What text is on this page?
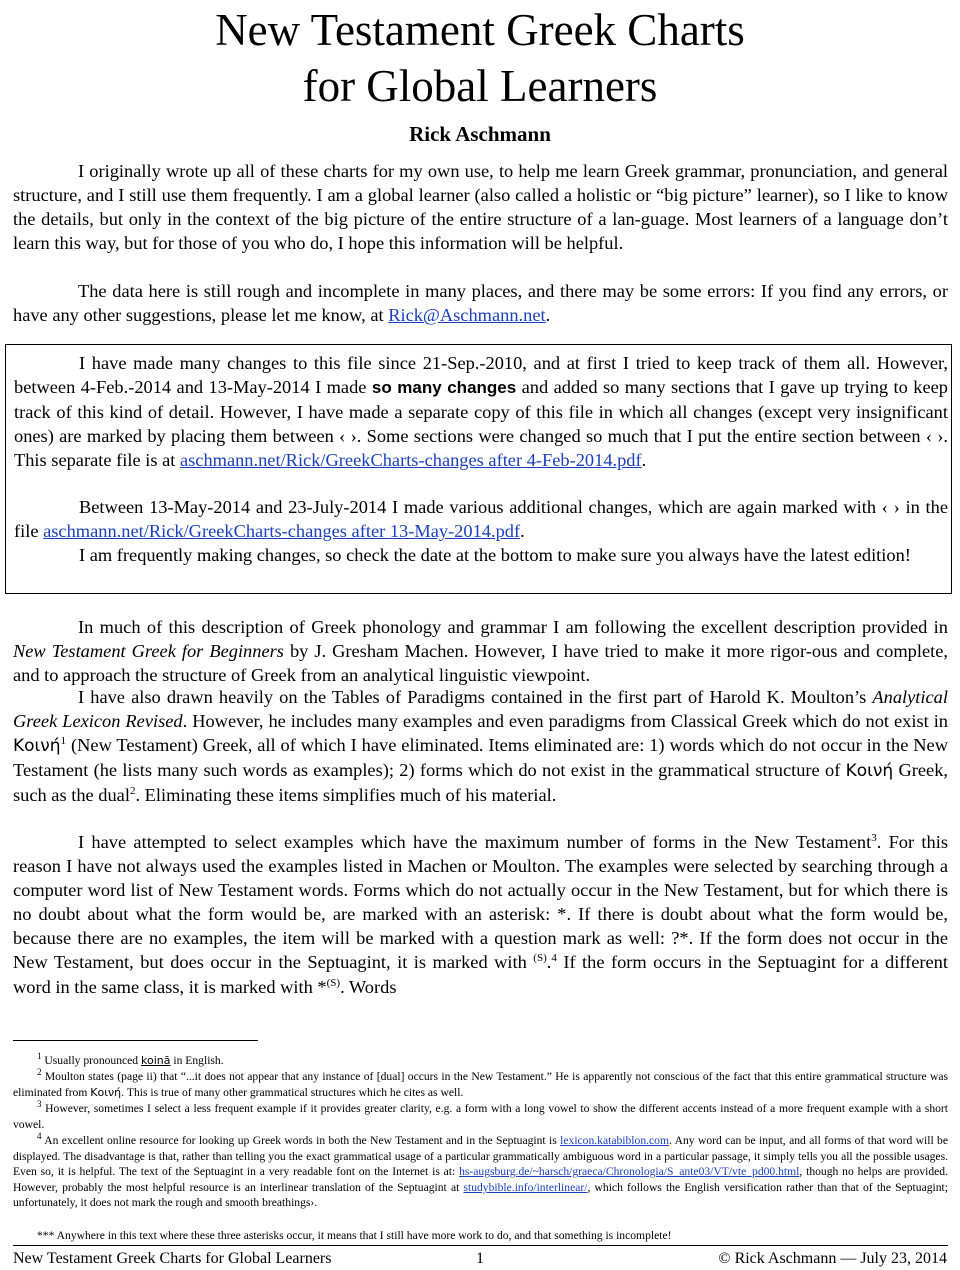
New Testament Greek Charts
for Global Learners
Rick Aschmann

I originally wrote up all of these charts for my own use, to help me learn Greek grammar, pronunciation, and general structure, and I still use them frequently. I am a global learner (also called a holistic or “big picture” learner), so I like to know the details, but only in the context of the big picture of the entire structure of a lan-guage. Most learners of a language don’t learn this way, but for those of you who do, I hope this information will be helpful.

The data here is still rough and incomplete in many places, and there may be some errors: If you find any errors, or have any other suggestions, please let me know, at Rick@Aschmann.net.

I have made many changes to this file since 21-Sep.-2010, and at first I tried to keep track of them all. However, between 4-Feb.-2014 and 13-May-2014 I made so many changes and added so many sections that I gave up trying to keep track of this kind of detail. However, I have made a separate copy of this file in which all changes (except very insignificant ones) are marked by placing them between ‹ ›. Some sections were changed so much that I put the entire section between ‹ ›. This separate file is at aschmann.net/Rick/GreekCharts-changes after 4-Feb-2014.pdf.

Between 13-May-2014 and 23-July-2014 I made various additional changes, which are again marked with ‹ › in the file aschmann.net/Rick/GreekCharts-changes after 13-May-2014.pdf.

I am frequently making changes, so check the date at the bottom to make sure you always have the latest edition!

In much of this description of Greek phonology and grammar I am following the excellent description provided in New Testament Greek for Beginners by J. Gresham Machen. However, I have tried to make it more rigor-ous and complete, and to approach the structure of Greek from an analytical linguistic viewpoint.

I have also drawn heavily on the Tables of Paradigms contained in the first part of Harold K. Moulton’s Analytical Greek Lexicon Revised. However, he includes many examples and even paradigms from Classical Greek which do not exist in Κοινή$^1$ (New Testament) Greek, all of which I have eliminated. Items eliminated are: 1) words which do not occur in the New Testament (he lists many such words as examples); 2) forms which do not exist in the grammatical structure of Κοινή Greek, such as the dual$^2$. Eliminating these items simplifies much of his material.

I have attempted to select examples which have the maximum number of forms in the New Testament$^3$. For this reason I have not always used the examples listed in Machen or Moulton. The examples were selected by searching through a computer word list of New Testament words. Forms which do not actually occur in the New Testament, but for which there is no doubt about what the form would be, are marked with an asterisk: *. If there is doubt about what the form would be, because there are no examples, the item will be marked with a question mark as well: ?*. If the form does not occur in the New Testament, but does occur in the Septuagint, it is marked with $^{(S)}$.$^4$ If the form occurs in the Septuagint for a different word in the same class, it is marked with *$^{(S)}$. Words

$^1$ Usually pronounced koinā in English.

$^2$ Moulton states (page ii) that “...it does not appear that any instance of [dual] occurs in the New Testament.” He is apparently not conscious of the fact that this entire grammatical structure was eliminated from Κοινή. This is true of many other grammatical structures which he cites as well.

$^3$ However, sometimes I select a less frequent example if it provides greater clarity, e.g. a form with a long vowel to show the different accents instead of a more frequent example with a short vowel.

$^4$ An excellent online resource for looking up Greek words in both the New Testament and in the Septuagint is lexicon.katabiblon.com. Any word can be input, and all forms of that word will be displayed. The disadvantage is that, rather than telling you the exact grammatical usage of a particular grammatically ambiguous word in a particular passage, it simply tells you all the possible usages. Even so, it is helpful. The text of the Septuagint in a very readable font on the Internet is at: hs-augsburg.de/~harsch/graeca/Chronologia/S_ante03/VT/vte_pd00.html, though no helps are provided. However, probably the most helpful resource is an interlinear translation of the Septuagint at studybible.info/interlinear/, which follows the English versification rather than that of the Septuagint; unfortunately, it does not mark the rough and smooth breathings›.

*** Anywhere in this text where these three asterisks occur, it means that I still have more work to do, and that something is incomplete!

New Testament Greek Charts for Global Learners	1	© Rick Aschmann — July 23, 2014
